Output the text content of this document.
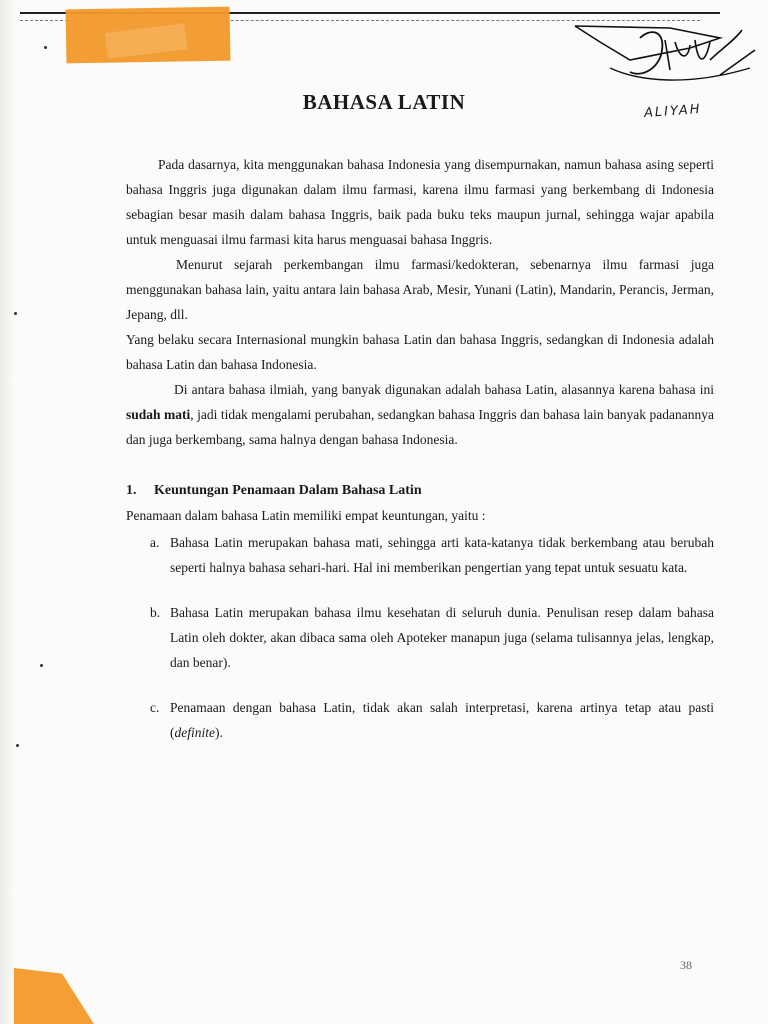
ALIYAH
BAHASA LATIN

Pada dasarnya, kita menggunakan bahasa Indonesia yang disempurnakan, namun bahasa asing seperti bahasa Inggris juga digunakan dalam ilmu farmasi, karena ilmu farmasi yang berkembang di Indonesia sebagian besar masih dalam bahasa Inggris, baik pada buku teks maupun jurnal, sehingga wajar apabila untuk menguasai ilmu farmasi kita harus menguasai bahasa Inggris.

Menurut sejarah perkembangan ilmu farmasi/kedokteran, sebenarnya ilmu farmasi juga menggunakan bahasa lain, yaitu antara lain bahasa Arab, Mesir, Yunani (Latin), Mandarin, Perancis, Jerman, Jepang, dll.

Yang belaku secara Internasional mungkin bahasa Latin dan bahasa Inggris, sedangkan di Indonesia adalah bahasa Latin dan bahasa Indonesia.

Di antara bahasa ilmiah, yang banyak digunakan adalah bahasa Latin, alasannya karena bahasa ini sudah mati, jadi tidak mengalami perubahan, sedangkan bahasa Inggris dan bahasa lain banyak padanannya dan juga berkembang, sama halnya dengan bahasa Indonesia.

1. Keuntungan Penamaan Dalam Bahasa Latin

Penamaan dalam bahasa Latin memiliki empat keuntungan, yaitu :

a. Bahasa Latin merupakan bahasa mati, sehingga arti kata-katanya tidak berkembang atau berubah seperti halnya bahasa sehari-hari. Hal ini memberikan pengertian yang tepat untuk sesuatu kata.
b. Bahasa Latin merupakan bahasa ilmu kesehatan di seluruh dunia. Penulisan resep dalam bahasa Latin oleh dokter, akan dibaca sama oleh Apoteker manapun juga (selama tulisannya jelas, lengkap, dan benar).
c. Penamaan dengan bahasa Latin, tidak akan salah interpretasi, karena artinya tetap atau pasti (definite).
38
